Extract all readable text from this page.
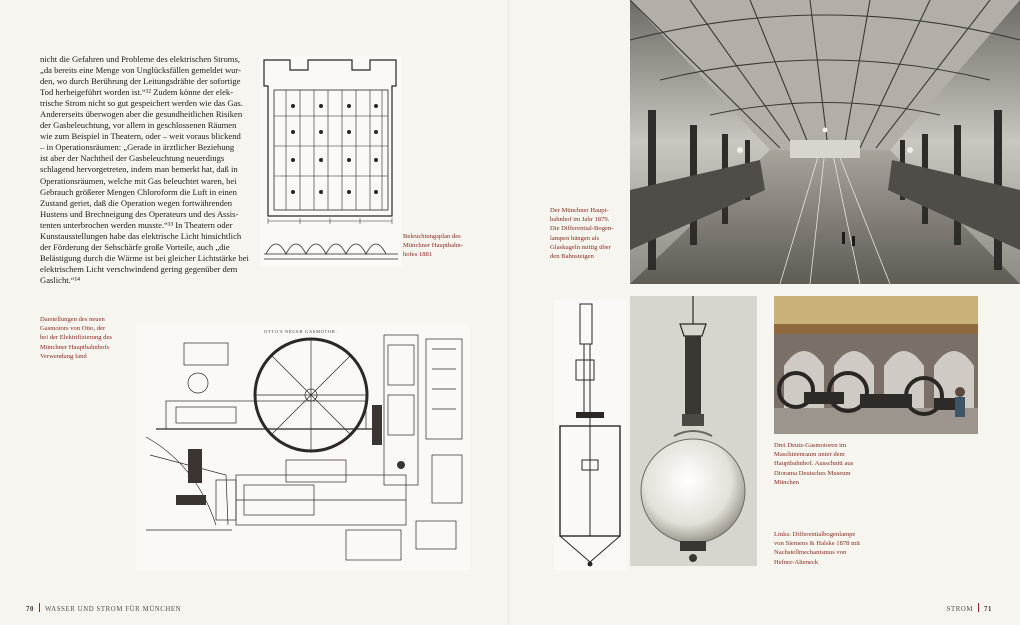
nicht die Gefahren und Probleme des elektrischen Stroms,

„da bereits eine Menge von Unglücksfällen gemeldet wur-

den, wo durch Berührung der Leitungsdrähte der sofortige

Tod herbeigeführt worden ist.“¹² Zudem könne der elek-

trische Strom nicht so gut gespeichert werden wie das Gas.

Andererseits überwogen aber die gesundheitlichen Risiken

der Gasbeleuchtung, vor allem in geschlossenen Räumen

wie zum Beispiel in Theatern, oder – weit voraus blickend

– in Operationsräumen: „Gerade in ärztlicher Beziehung

ist aber der Nachtheil der Gasbeleuchtung neuerdings

schlagend hervorgetreten, indem man bemerkt hat, daß in

Operationsräumen, welche mit Gas beleuchtet waren, bei

Gebrauch größerer Mengen Chloroform die Luft in einen

Zustand geriet, daß die Operation wegen fortwährenden

Hustens und Brechneigung des Operateurs und des Assis-

tenten unterbrochen werden musste.“¹³ In Theatern oder

Kunstausstellungen habe das elektrische Licht hinsichtlich

der Förderung der Sehschärfe große Vorteile, auch „die

Belästigung durch die Wärme ist bei gleicher Lichtstärke bei

elektrischem Licht verschwindend gering gegenüber dem

Gaslicht.“¹⁴

Beleuchtungsplan des
Münchner Hauptbahn-
hofes 1881
Darstellungen des neuen
Gasmotors von Otto, der
bei der Elektrifizierung des
Münchner Hauptbahnhofs
Verwendung fand
OTTO'S NEUER GASMOTOR.
70 WASSER UND STROM FÜR MÜNCHEN
Der Münchner Haupt-
bahnhof im Jahr 1879.
Die Differential-Bogen-
lampen hängen als
Glaskugeln mittig über
den Bahnsteigen
Drei Deutz-Gasmotoren im
Maschinenraum unter dem
Hauptbahnhof. Ausschnitt aus
Diorama Deutsches Museum
München
Links: Differentialbogenlampe
von Siemens & Halske 1878 mit
Nachstellmechanismus von
Hefner-Alteneck
STROM 71
